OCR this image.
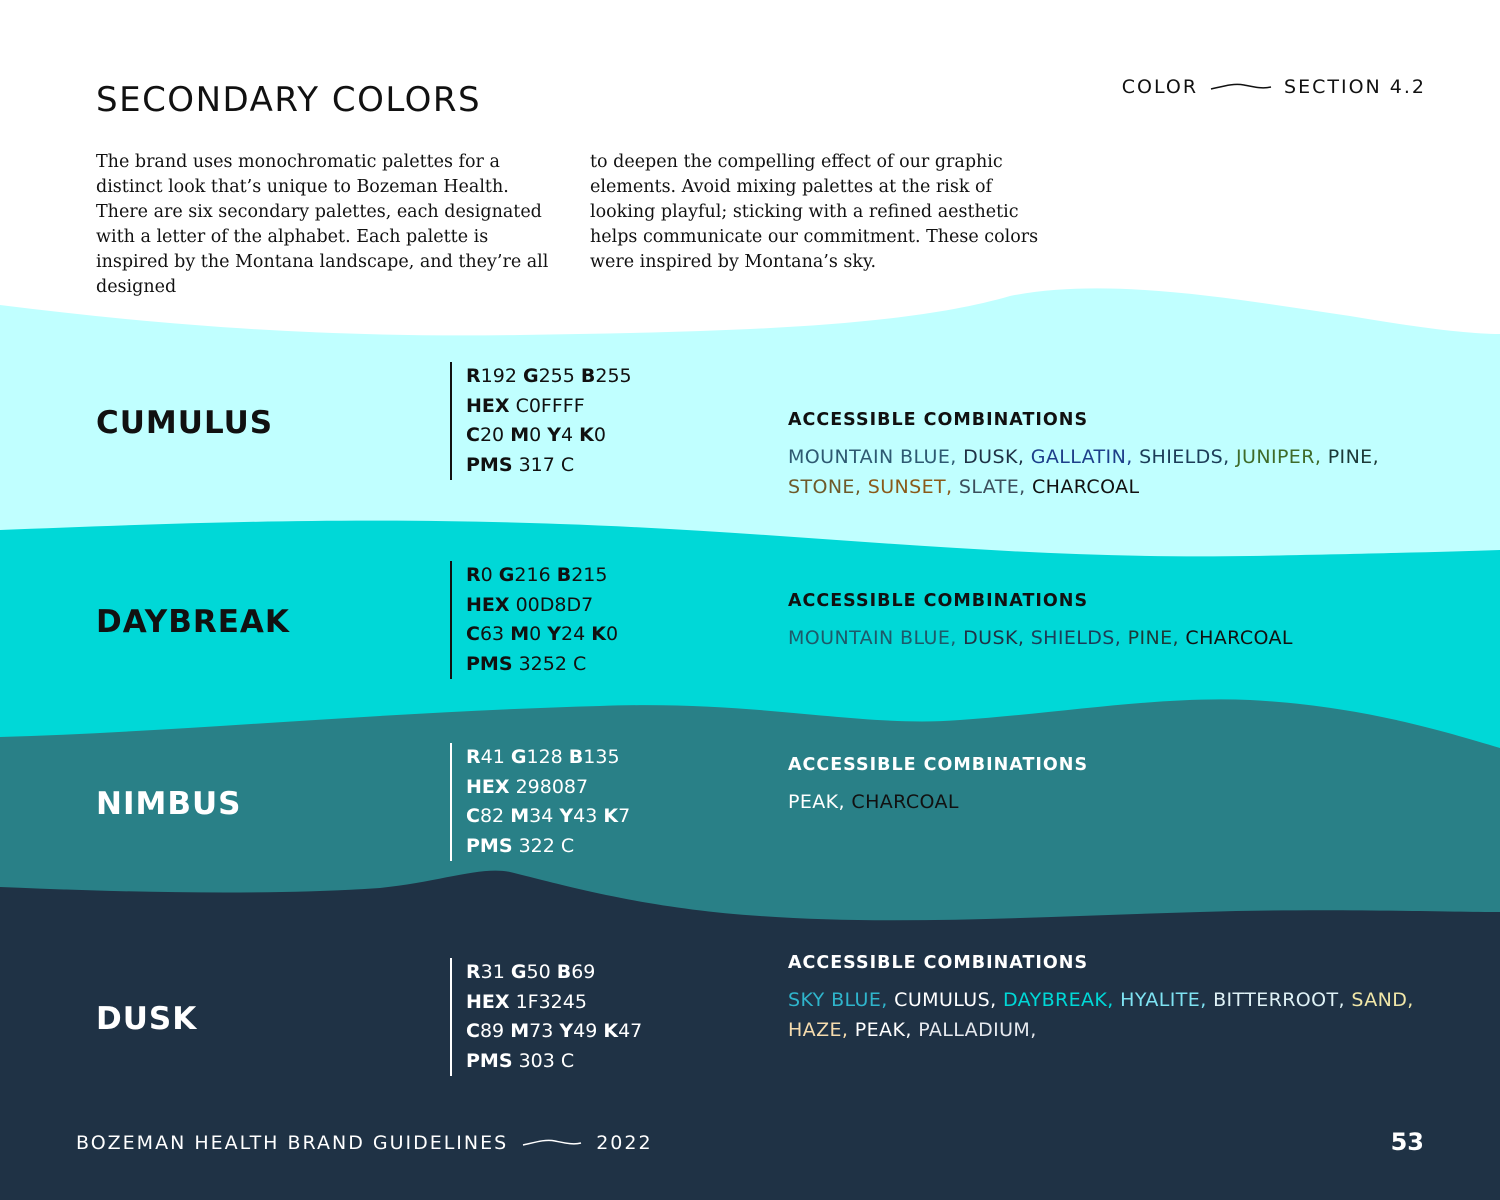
SECONDARY COLORS	COLOR	SECTION 4.2

The brand uses monochromatic palettes for a distinct look that’s unique to Bozeman Health. There are six secondary palettes, each designated with a letter of the alphabet. Each palette is inspired by the Montana landscape, and they’re all designed

to deepen the compelling effect of our graphic elements. Avoid mixing palettes at the risk of looking playful; sticking with a refined aesthetic helps communicate our commitment. These colors were inspired by Montana’s sky.

CUMULUS
R192 G255 B255
HEX C0FFFF
C20 M0 Y4 K0
PMS 317 C

ACCESSIBLE COMBINATIONS

MOUNTAIN BLUE, DUSK, GALLATIN, SHIELDS, JUNIPER, PINE, STONE, SUNSET, SLATE, CHARCOAL

DAYBREAK
R0 G216 B215
HEX 00D8D7
C63 M0 Y24 K0
PMS 3252 C

ACCESSIBLE COMBINATIONS

MOUNTAIN BLUE, DUSK, SHIELDS, PINE, CHARCOAL

NIMBUS
R41 G128 B135
HEX 298087
C82 M34 Y43 K7
PMS 322 C

ACCESSIBLE COMBINATIONS

PEAK, CHARCOAL

DUSK
R31 G50 B69
HEX 1F3245
C89 M73 Y49 K47
PMS 303 C

ACCESSIBLE COMBINATIONS

SKY BLUE, CUMULUS, DAYBREAK, HYALITE, BITTERROOT, SAND, HAZE, PEAK, PALLADIUM,

BOZEMAN HEALTH BRAND GUIDELINES	2022	53
